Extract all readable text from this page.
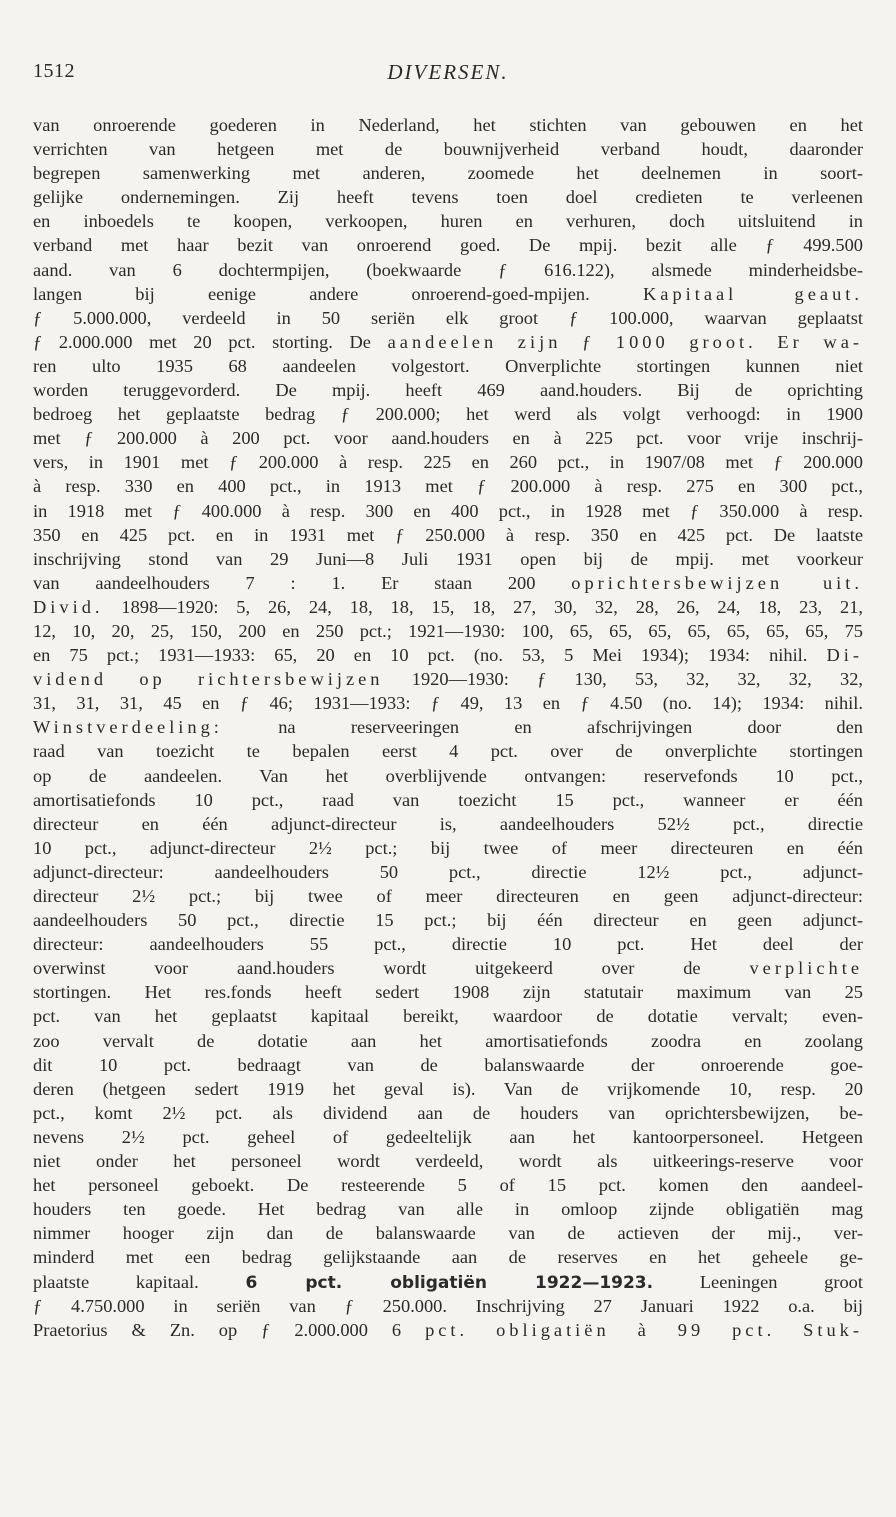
1512	DIVERSEN.
van onroerende goederen in Nederland, het stichten van gebouwen en het
verrichten van hetgeen met de bouwnijverheid verband houdt, daaronder
begrepen samenwerking met anderen, zoomede het deelnemen in soort-
gelijke ondernemingen. Zij heeft tevens toen doel credieten te verleenen
en inboedels te koopen, verkoopen, huren en verhuren, doch uitsluitend in
verband met haar bezit van onroerend goed. De mpij. bezit alle ƒ 499.500
aand. van 6 dochtermpijen, (boekwaarde ƒ 616.122), alsmede minderheidsbe-
langen bij eenige andere onroerend-goed-mpijen.	Kapitaal geaut.
ƒ 5.000.000, verdeeld in 50 seriën elk groot ƒ 100.000, waarvan geplaatst
ƒ 2.000.000 met 20 pct. storting. De aandeelen zijn ƒ 1000 groot. Er wa-
ren ulto 1935 68 aandeelen volgestort. Onverplichte stortingen kunnen niet
worden teruggevorderd. De mpij. heeft 469 aand.houders. Bij de oprichting
bedroeg het geplaatste bedrag ƒ 200.000; het werd als volgt verhoogd: in 1900
met ƒ 200.000 à 200 pct. voor aand.houders en à 225 pct. voor vrije inschrij-
vers, in 1901 met ƒ 200.000 à resp. 225 en 260 pct., in 1907/08 met ƒ 200.000
à resp. 330 en 400 pct., in 1913 met ƒ 200.000 à resp. 275 en 300 pct.,
in 1918 met ƒ 400.000 à resp. 300 en 400 pct., in 1928 met ƒ 350.000 à resp.
350 en 425 pct. en in 1931 met ƒ 250.000 à resp. 350 en 425 pct. De laatste
inschrijving stond van 29 Juni—8 Juli 1931 open bij de mpij. met voorkeur
van aandeelhouders 7 : 1. Er staan 200 oprichtersbewijzen uit.
Divid. 1898—1920: 5, 26, 24, 18, 18, 15, 18, 27, 30, 32, 28, 26, 24, 18, 23, 21,
12, 10, 20, 25, 150, 200 en 250 pct.; 1921—1930: 100, 65, 65, 65, 65, 65, 65, 65, 75
en 75 pct.; 1931—1933: 65, 20 en 10 pct. (no. 53, 5 Mei 1934); 1934: nihil. Di-
vidend op richtersbewijzen 1920—1930: ƒ 130, 53, 32, 32, 32, 32,
31, 31, 31, 45 en ƒ 46; 1931—1933: ƒ 49, 13 en ƒ 4.50 (no. 14); 1934: nihil.
Winstverdeeling:	na reserveeringen en afschrijvingen door den
raad van toezicht te bepalen eerst 4 pct. over de onverplichte stortingen
op de aandeelen. Van het overblijvende ontvangen: reservefonds 10 pct.,
amortisatiefonds 10 pct., raad van toezicht 15 pct., wanneer er één
directeur en één adjunct-directeur is, aandeelhouders 52½ pct., directie
10 pct., adjunct-directeur 2½ pct.; bij twee of meer directeuren en één
adjunct-directeur: aandeelhouders 50 pct., directie 12½ pct., adjunct-
directeur 2½ pct.; bij twee of meer directeuren en geen adjunct-directeur:
aandeelhouders 50 pct., directie 15 pct.; bij één directeur en geen adjunct-
directeur: aandeelhouders 55 pct., directie 10 pct. Het deel der
overwinst voor aand.houders wordt uitgekeerd over de	verplichte
stortingen. Het res.fonds heeft sedert 1908 zijn statutair maximum van 25
pct. van het geplaatst kapitaal bereikt, waardoor de dotatie vervalt; even-
zoo vervalt de dotatie aan het amortisatiefonds zoodra en zoolang
dit 10 pct. bedraagt van de balanswaarde der onroerende goe-
deren (hetgeen sedert 1919 het geval is). Van de vrijkomende 10, resp. 20
pct., komt 2½ pct. als dividend aan de houders van oprichtersbewijzen, be-
nevens 2½ pct. geheel of gedeeltelijk aan het kantoorpersoneel. Hetgeen
niet onder het personeel wordt verdeeld, wordt als uitkeerings-reserve voor
het personeel geboekt. De resteerende 5 of 15 pct. komen den aandeel-
houders ten goede. Het bedrag van alle in omloop zijnde obligatiën mag
nimmer hooger zijn dan de balanswaarde van de actieven der mij., ver-
minderd met een bedrag gelijkstaande aan de reserves en het geheele ge-
plaatste kapitaal.	6 pct. obligatiën 1922—1923.	Leeningen groot
ƒ 4.750.000 in seriën van ƒ 250.000. Inschrijving 27 Januari 1922 o.a. bij
Praetorius & Zn. op ƒ 2.000.000 6 pct. obligatiën à 99 pct. Stuk-
